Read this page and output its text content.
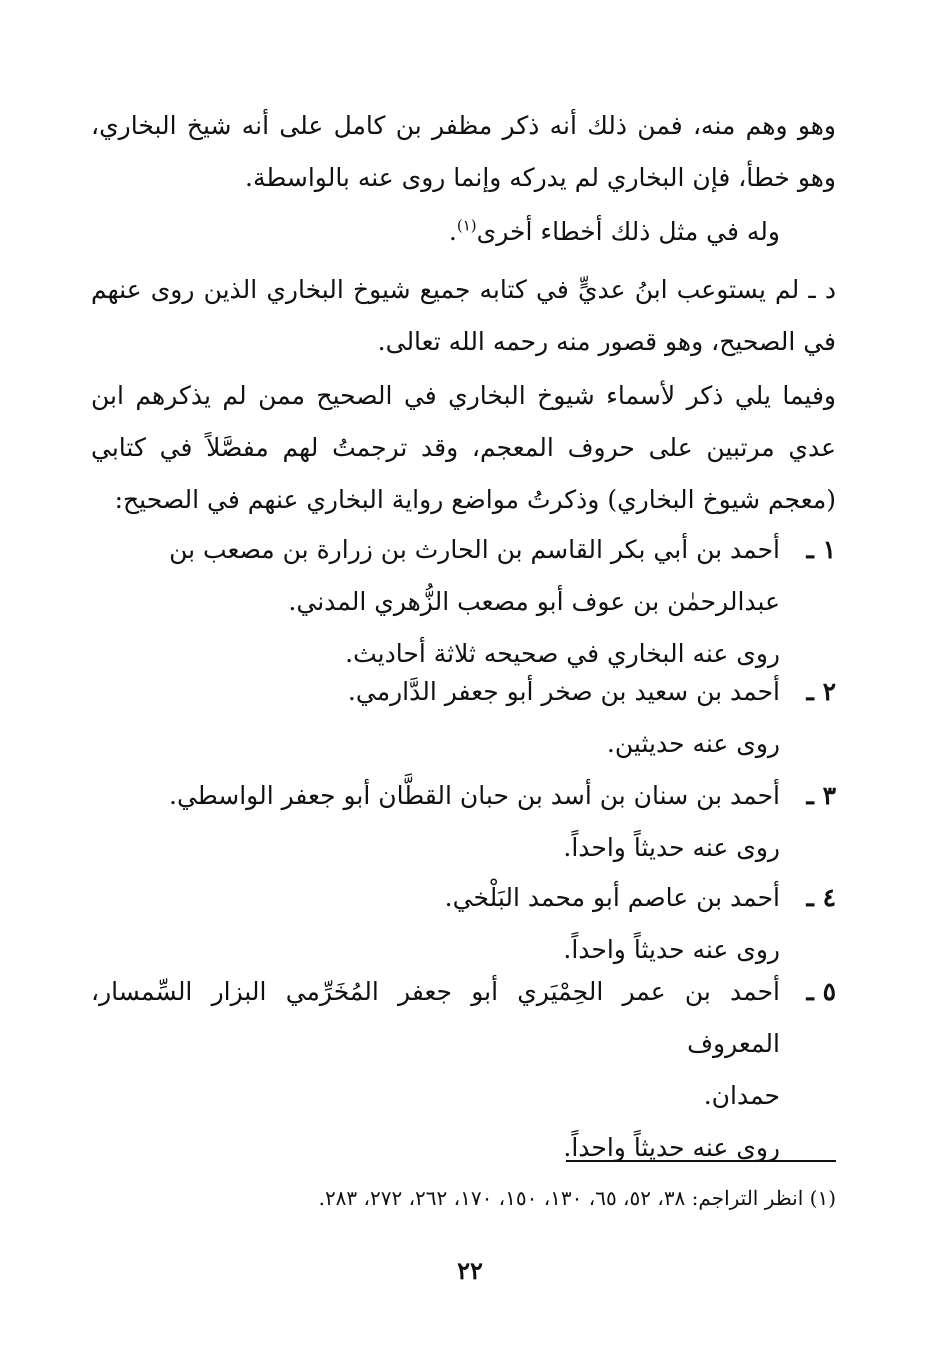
وهو وهم منه، فمن ذلك أنه ذكر مظفر بن كامل على أنه شيخ البخاري، وهو خطأ، فإن البخاري لم يدركه وإنما روى عنه بالواسطة.

وله في مثل ذلك أخطاء أخرى$^{(١)}$.

د ـ لم يستوعب ابنُ عديٍّ في كتابه جميع شيوخ البخاري الذين روى عنهم في الصحيح، وهو قصور منه رحمه الله تعالى.

وفيما يلي ذكر لأسماء شيوخ البخاري في الصحيح ممن لم يذكرهم ابن عدي مرتبين على حروف المعجم، وقد ترجمتُ لهم مفصَّلاً في كتابي (معجم شيوخ البخاري) وذكرتُ مواضع رواية البخاري عنهم في الصحيح:

١ ـ
أحمد بن أبي بكر القاسم بن الحارث بن زرارة بن مصعب بن
عبدالرحمٰن بن عوف أبو مصعب الزُّهري المدني.
روى عنه البخاري في صحيحه ثلاثة أحاديث.
٢ ـ
أحمد بن سعيد بن صخر أبو جعفر الدَّارمي.
روى عنه حديثين.
٣ ـ
أحمد بن سنان بن أسد بن حبان القطَّان أبو جعفر الواسطي.
روى عنه حديثاً واحداً.
٤ ـ
أحمد بن عاصم أبو محمد البَلْخي.
روى عنه حديثاً واحداً.
٥ ـ
أحمد بن عمر الحِمْيَري أبو جعفر المُخَرِّمي البزار السِّمسار، المعروف
حمدان.
روى عنه حديثاً واحداً.
(١) انظر التراجم: ٣٨، ٥٢، ٦٥، ١٣٠، ١٥٠، ١٧٠، ٢٦٢، ٢٧٢، ٢٨٣.
٢٢
